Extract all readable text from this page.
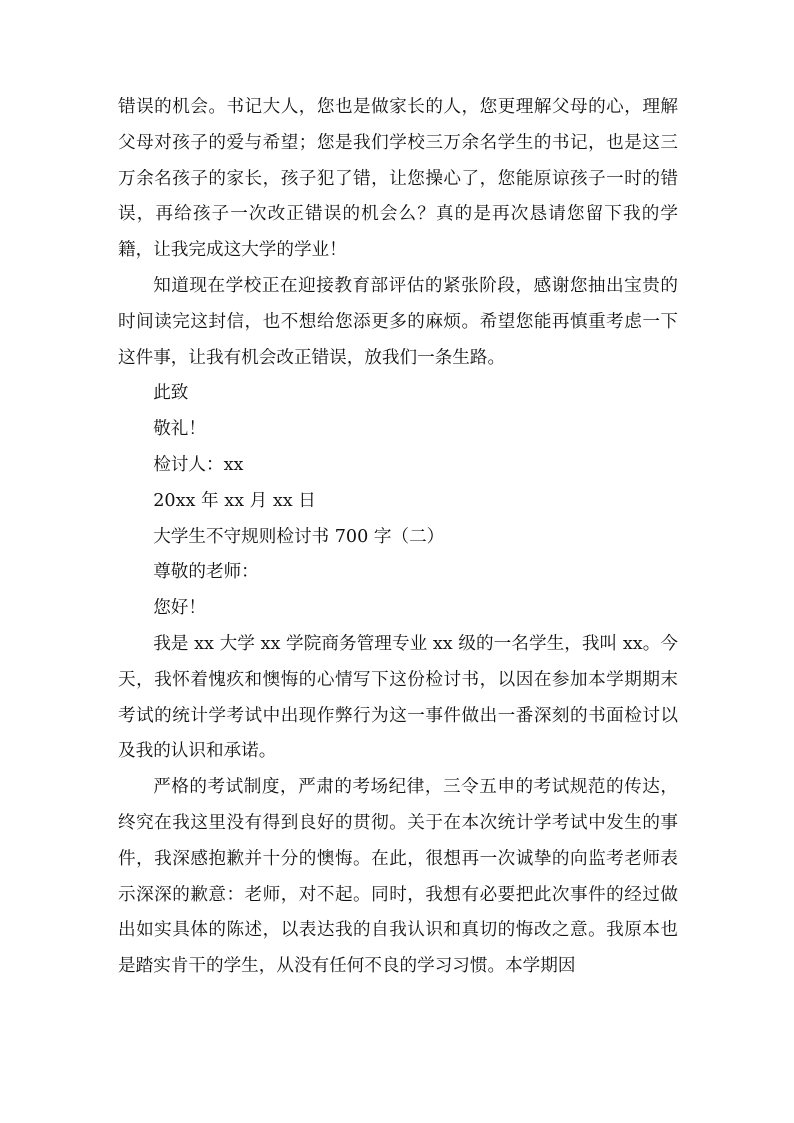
错误的机会。书记大人，您也是做家长的人，您更理解父母的心，理解父母对孩子的爱与希望；您是我们学校三万余名学生的书记，也是这三万余名孩子的家长，孩子犯了错，让您操心了，您能原谅孩子一时的错误，再给孩子一次改正错误的机会么？真的是再次恳请您留下我的学籍，让我完成这大学的学业！

知道现在学校正在迎接教育部评估的紧张阶段，感谢您抽出宝贵的时间读完这封信，也不想给您添更多的麻烦。希望您能再慎重考虑一下这件事，让我有机会改正错误，放我们一条生路。

此致

敬礼！

检讨人：xx

20xx 年 xx 月 xx 日

大学生不守规则检讨书 700 字（二）

尊敬的老师：

您好！

我是 xx 大学 xx 学院商务管理专业 xx 级的一名学生，我叫 xx。今天，我怀着愧疚和懊悔的心情写下这份检讨书，以因在参加本学期期末考试的统计学考试中出现作弊行为这一事件做出一番深刻的书面检讨以及我的认识和承诺。

严格的考试制度，严肃的考场纪律，三令五申的考试规范的传达，终究在我这里没有得到良好的贯彻。关于在本次统计学考试中发生的事件，我深感抱歉并十分的懊悔。在此，很想再一次诚挚的向监考老师表示深深的歉意：老师，对不起。同时，我想有必要把此次事件的经过做出如实具体的陈述，以表达我的自我认识和真切的悔改之意。我原本也是踏实肯干的学生，从没有任何不良的学习习惯。本学期因
